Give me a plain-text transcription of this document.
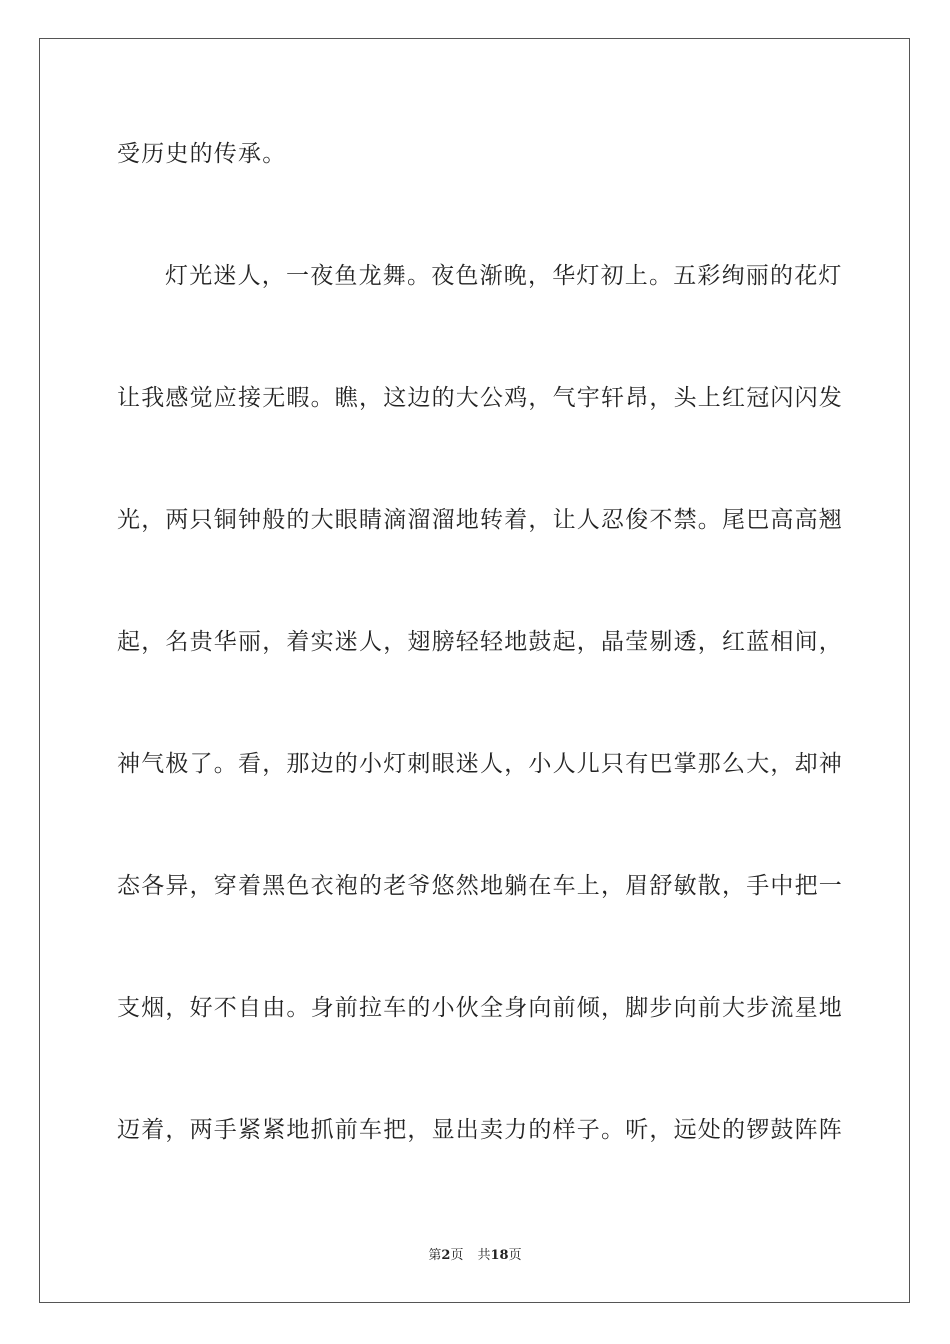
受历史的传承。
灯光迷人，一夜鱼龙舞。夜色渐晚，华灯初上。五彩绚丽的花灯
让我感觉应接无暇。瞧，这边的大公鸡，气宇轩昂，头上红冠闪闪发
光，两只铜钟般的大眼睛滴溜溜地转着，让人忍俊不禁。尾巴高高翘
起，名贵华丽，着实迷人，翅膀轻轻地鼓起，晶莹剔透，红蓝相间，
神气极了。看，那边的小灯刺眼迷人，小人儿只有巴掌那么大，却神
态各异，穿着黑色衣袍的老爷悠然地躺在车上，眉舒敏散，手中把一
支烟，好不自由。身前拉车的小伙全身向前倾，脚步向前大步流星地
迈着，两手紧紧地抓前车把，显出卖力的样子。听，远处的锣鼓阵阵
第2页 共18页
